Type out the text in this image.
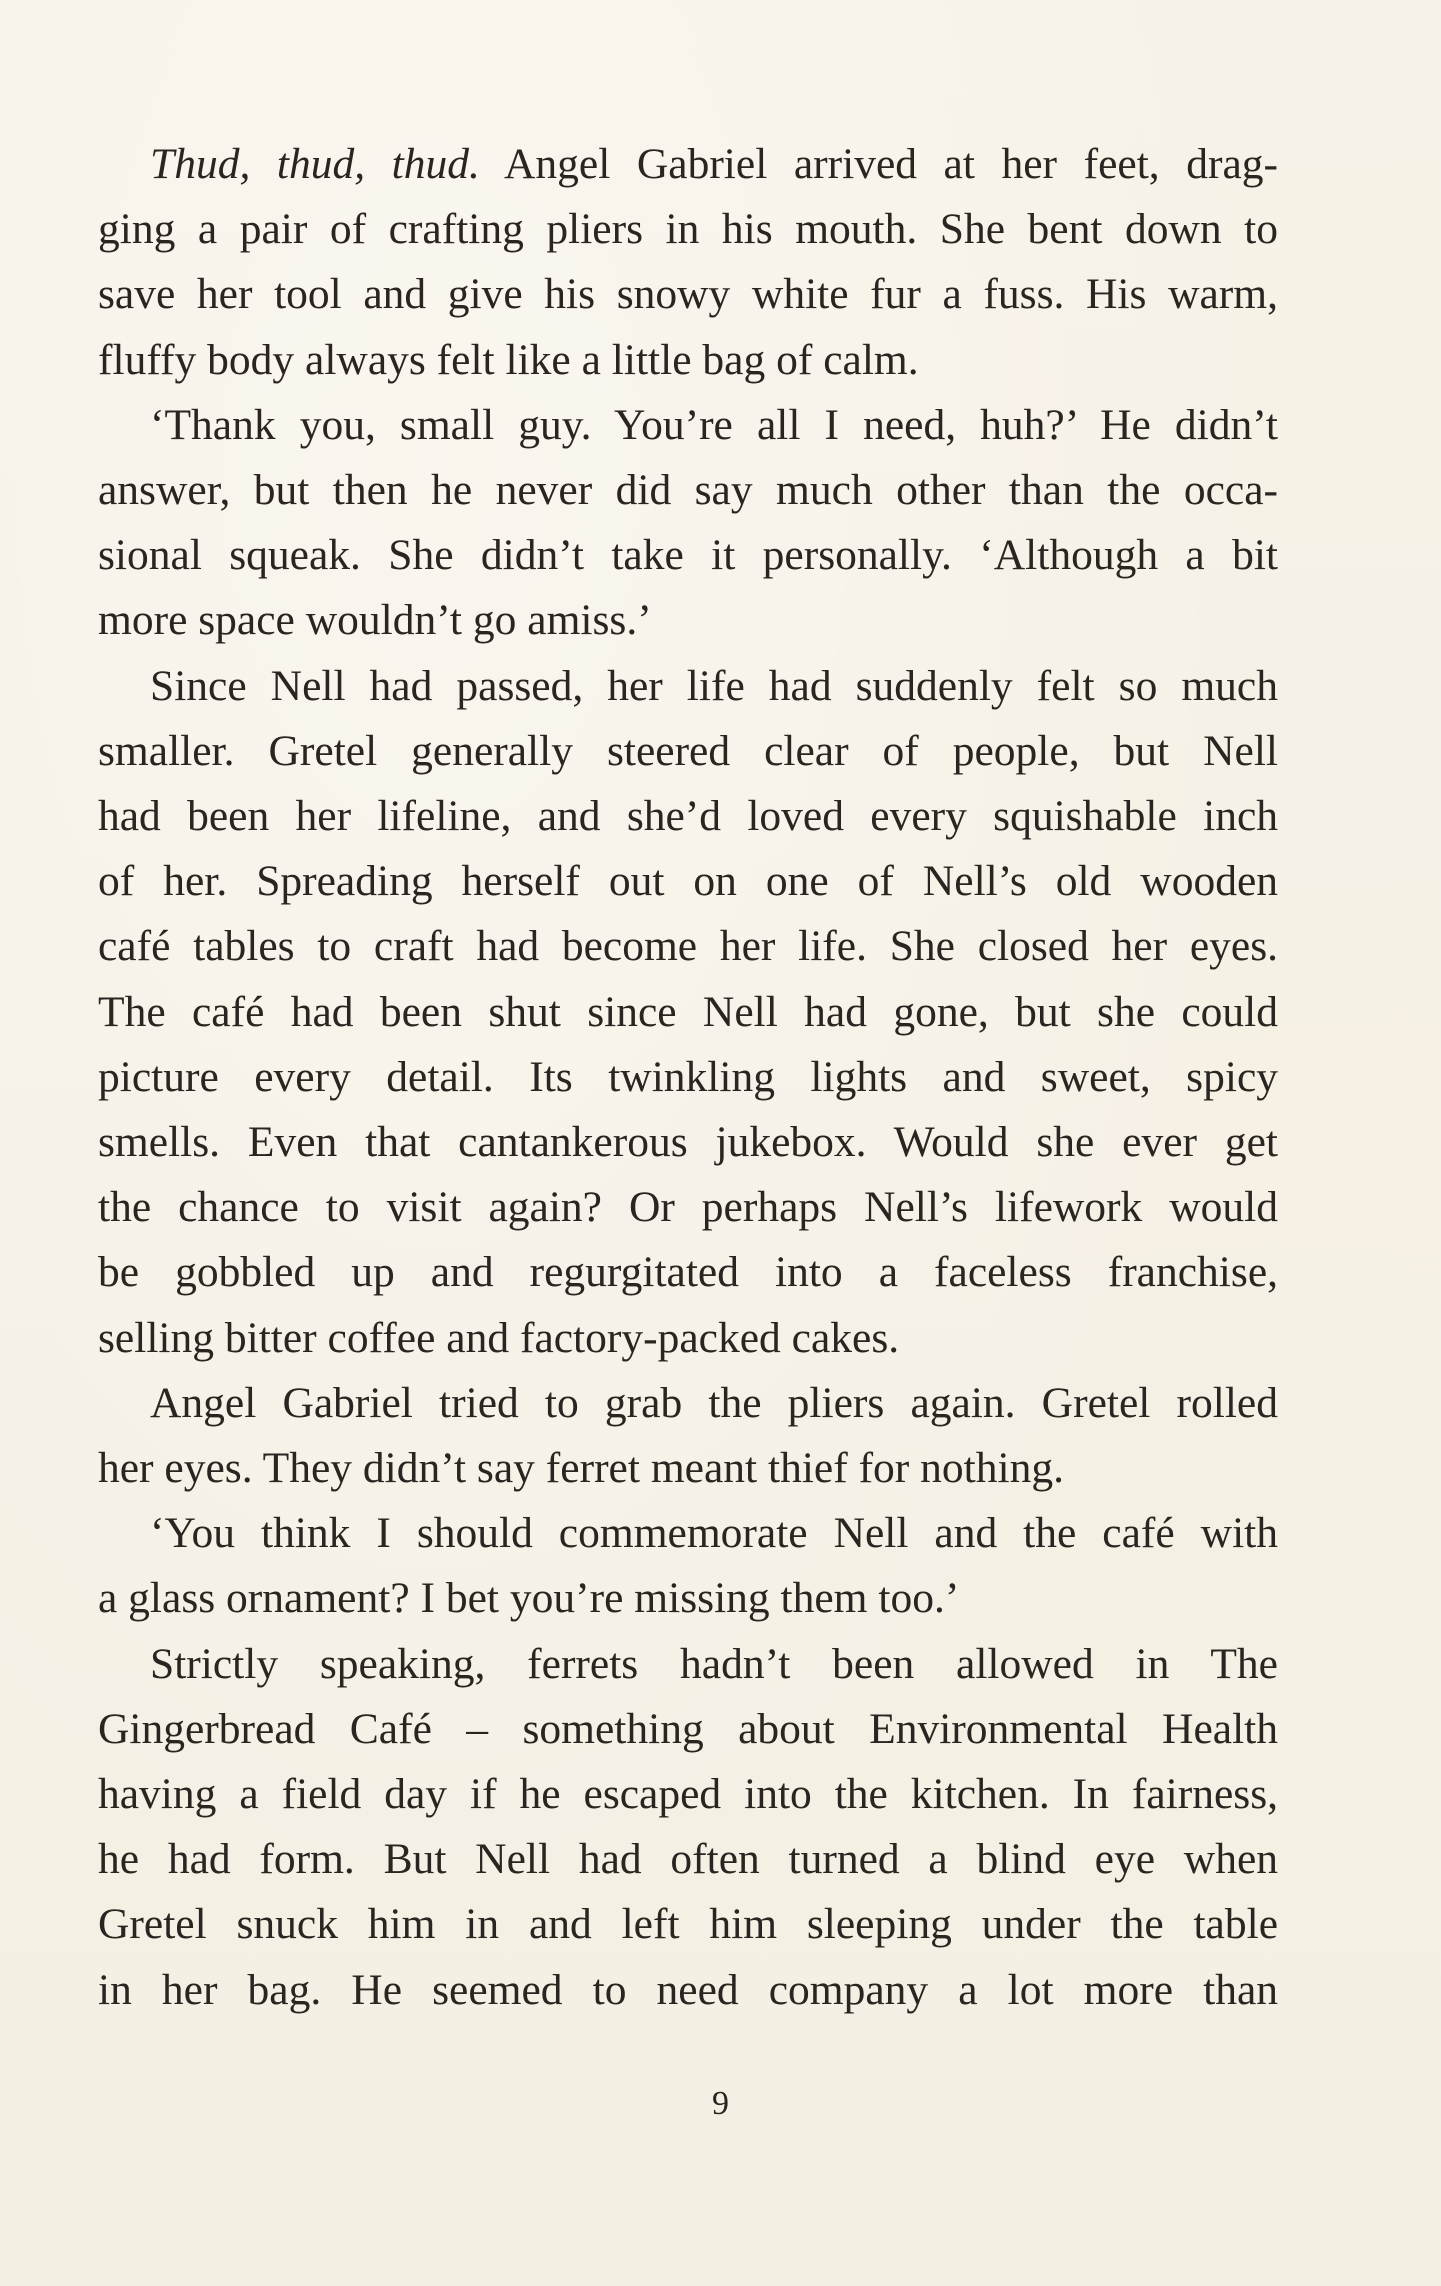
Thud, thud, thud. Angel Gabriel arrived at her feet, drag-
ging a pair of crafting pliers in his mouth. She bent down to
save her tool and give his snowy white fur a fuss. His warm,
fluffy body always felt like a little bag of calm.
‘Thank you, small guy. You’re all I need, huh?’ He didn’t
answer, but then he never did say much other than the occa-
sional squeak. She didn’t take it personally. ‘Although a bit
more space wouldn’t go amiss.’
Since Nell had passed, her life had suddenly felt so much
smaller. Gretel generally steered clear of people, but Nell
had been her lifeline, and she’d loved every squishable inch
of her. Spreading herself out on one of Nell’s old wooden
café tables to craft had become her life. She closed her eyes.
The café had been shut since Nell had gone, but she could
picture every detail. Its twinkling lights and sweet, spicy
smells. Even that cantankerous jukebox. Would she ever get
the chance to visit again? Or perhaps Nell’s lifework would
be gobbled up and regurgitated into a faceless franchise,
selling bitter coffee and factory-packed cakes.
Angel Gabriel tried to grab the pliers again. Gretel rolled
her eyes. They didn’t say ferret meant thief for nothing.
‘You think I should commemorate Nell and the café with
a glass ornament? I bet you’re missing them too.’
Strictly speaking, ferrets hadn’t been allowed in The
Gingerbread Café – something about Environmental Health
having a field day if he escaped into the kitchen. In fairness,
he had form. But Nell had often turned a blind eye when
Gretel snuck him in and left him sleeping under the table
in her bag. He seemed to need company a lot more than
9
